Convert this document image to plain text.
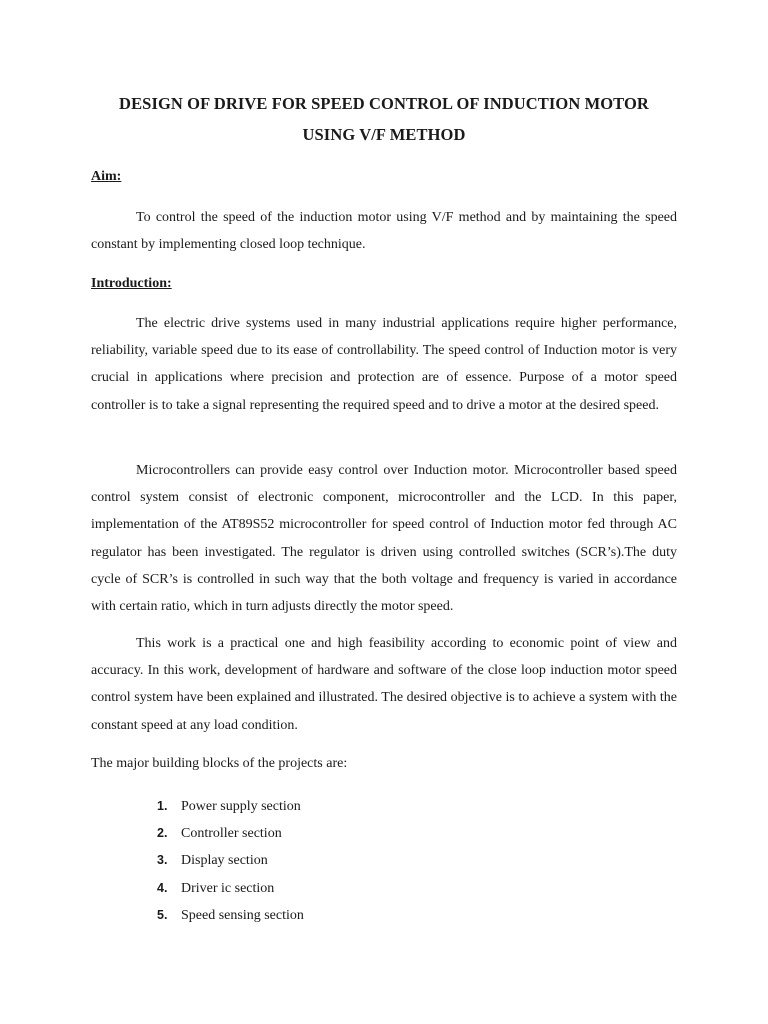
DESIGN OF DRIVE FOR SPEED CONTROL OF INDUCTION MOTOR
USING V/F METHOD
Aim:

To control the speed of the induction motor using V/F method and by maintaining the speed constant by implementing closed loop technique.

Introduction:

The electric drive systems used in many industrial applications require higher performance, reliability, variable speed due to its ease of controllability. The speed control of Induction motor is very crucial in applications where precision and protection are of essence. Purpose of a motor speed controller is to take a signal representing the required speed and to drive a motor at the desired speed.

Microcontrollers can provide easy control over Induction motor. Microcontroller based speed control system consist of electronic component, microcontroller and the LCD. In this paper, implementation of the AT89S52 microcontroller for speed control of Induction motor fed through AC regulator has been investigated. The regulator is driven using controlled switches (SCR’s).The duty cycle of SCR’s is controlled in such way that the both voltage and frequency is varied in accordance with certain ratio, which in turn adjusts directly the motor speed.

This work is a practical one and high feasibility according to economic point of view and accuracy. In this work, development of hardware and software of the close loop induction motor speed control system have been explained and illustrated. The desired objective is to achieve a system with the constant speed at any load condition.

The major building blocks of the projects are:

1. Power supply section
2. Controller section
3. Display section
4. Driver ic section
5. Speed sensing section
